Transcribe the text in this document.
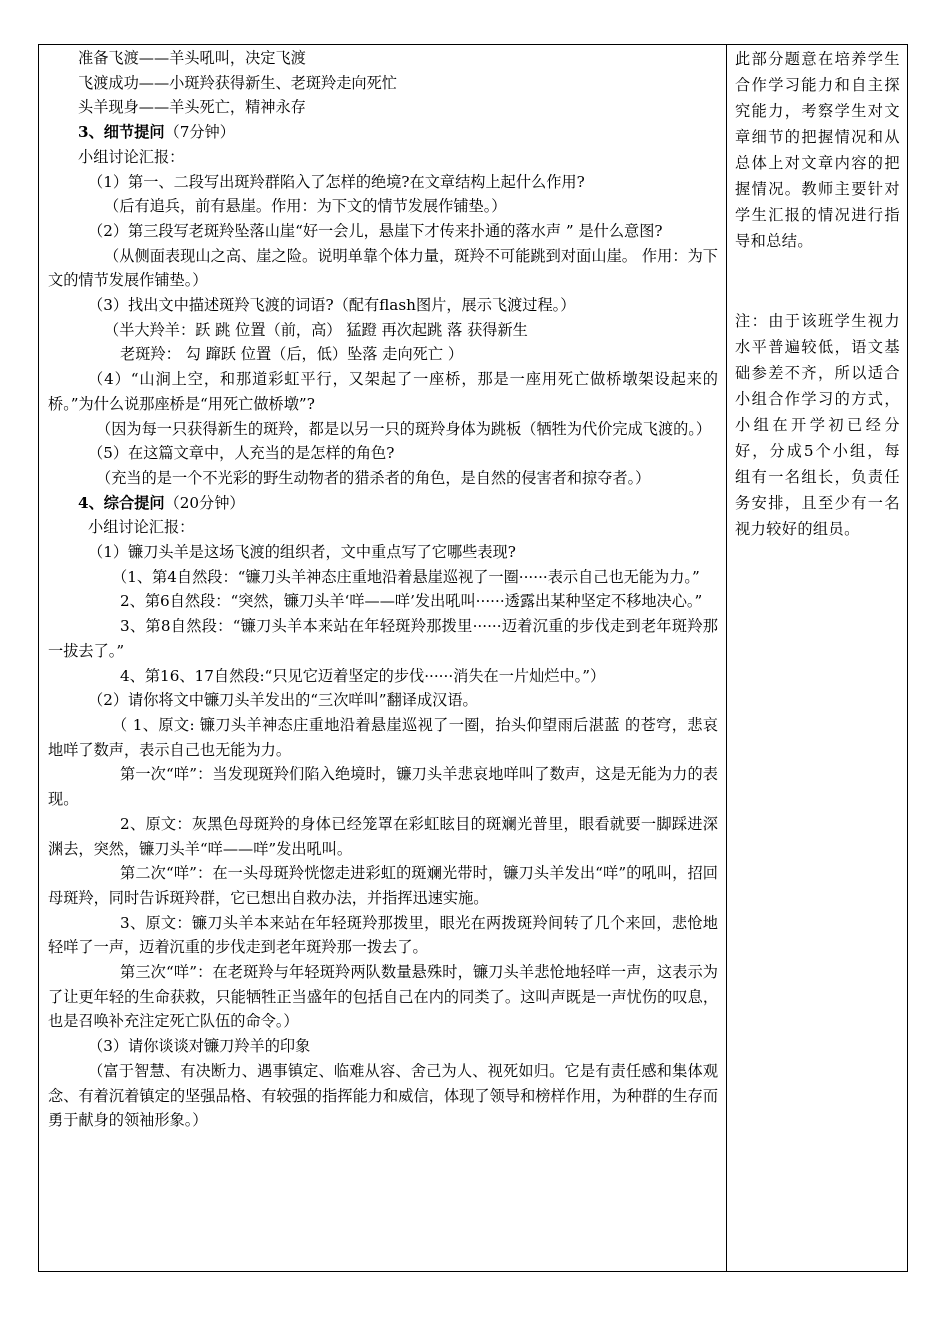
准备飞渡——羊头吼叫，决定飞渡

飞渡成功——小斑羚获得新生、老斑羚走向死忙

头羊现身——羊头死亡，精神永存

3、细节提问（7分钟）

小组讨论汇报：

（1）第一、二段写出斑羚群陷入了怎样的绝境?在文章结构上起什么作用?

（后有追兵，前有悬崖。作用：为下文的情节发展作铺垫。）

（2）第三段写老斑羚坠落山崖“好一会儿，悬崖下才传来扑通的落水声 ” 是什么意图?

（从侧面表现山之高、崖之险。说明单靠个体力量，斑羚不可能跳到对面山崖。 作用：为下文的情节发展作铺垫。）

（3）找出文中描述斑羚飞渡的词语?（配有flash图片，展示飞渡过程。）

（半大羚羊：跃 跳 位置（前，高） 猛蹬 再次起跳 落 获得新生

老斑羚： 勾 蹿跃 位置（后，低）坠落 走向死亡 ）

（4）“山涧上空，和那道彩虹平行，又架起了一座桥，那是一座用死亡做桥墩架设起来的桥。”为什么说那座桥是“用死亡做桥墩”?

（因为每一只获得新生的斑羚，都是以另一只的斑羚身体为跳板（牺牲为代价完成飞渡的。）

（5）在这篇文章中，人充当的是怎样的角色?

（充当的是一个不光彩的野生动物者的猎杀者的角色，是自然的侵害者和掠夺者。）

4、综合提问（20分钟）

小组讨论汇报：

（1）镰刀头羊是这场飞渡的组织者，文中重点写了它哪些表现?

（1、第4自然段：“镰刀头羊神态庄重地沿着悬崖巡视了一圈······表示自己也无能为力。”

2、第6自然段：“突然，镰刀头羊‘咩——咩’发出吼叫······透露出某种坚定不移地决心。”

3、第8自然段：“镰刀头羊本来站在年轻斑羚那拨里······迈着沉重的步伐走到老年斑羚那一拔去了。”

4、第16、17自然段:“只见它迈着坚定的步伐······消失在一片灿烂中。”）

（2）请你将文中镰刀头羊发出的“三次咩叫”翻译成汉语。

（ 1、原文: 镰刀头羊神态庄重地沿着悬崖巡视了一圈，抬头仰望雨后湛蓝 的苍穹，悲哀地咩了数声，表示自己也无能为力。

第一次“咩”：当发现斑羚们陷入绝境时，镰刀头羊悲哀地咩叫了数声，这是无能为力的表现。

2、原文：灰黑色母斑羚的身体已经笼罩在彩虹眩目的斑斓光普里，眼看就要一脚踩进深渊去，突然，镰刀头羊“咩——咩”发出吼叫。

第二次“咩”：在一头母斑羚恍惚走进彩虹的斑斓光带时，镰刀头羊发出“咩”的吼叫，招回母斑羚，同时告诉斑羚群，它已想出自救办法，并指挥迅速实施。

3、原文：镰刀头羊本来站在年轻斑羚那拨里，眼光在两拨斑羚间转了几个来回，悲怆地轻咩了一声，迈着沉重的步伐走到老年斑羚那一拨去了。

第三次“咩”：在老斑羚与年轻斑羚两队数量悬殊时，镰刀头羊悲怆地轻咩一声，这表示为了让更年轻的生命获救，只能牺牲正当盛年的包括自己在内的同类了。这叫声既是一声忧伤的叹息，也是召唤补充注定死亡队伍的命令。）

（3）请你谈谈对镰刀羚羊的印象

（富于智慧、有决断力、遇事镇定、临难从容、舍己为人、视死如归。它是有责任感和集体观念、有着沉着镇定的坚强品格、有较强的指挥能力和威信，体现了领导和榜样作用，为种群的生存而勇于献身的领袖形象。）

此部分题意在培养学生合作学习能力和自主探究能力，考察学生对文章细节的把握情况和从总体上对文章内容的把握情况。教师主要针对学生汇报的情况进行指导和总结。

注：由于该班学生视力水平普遍较低，语文基础参差不齐，所以适合小组合作学习的方式，小组在开学初已经分好，分成5个小组，每组有一名组长，负责任务安排，且至少有一名视力较好的组员。
